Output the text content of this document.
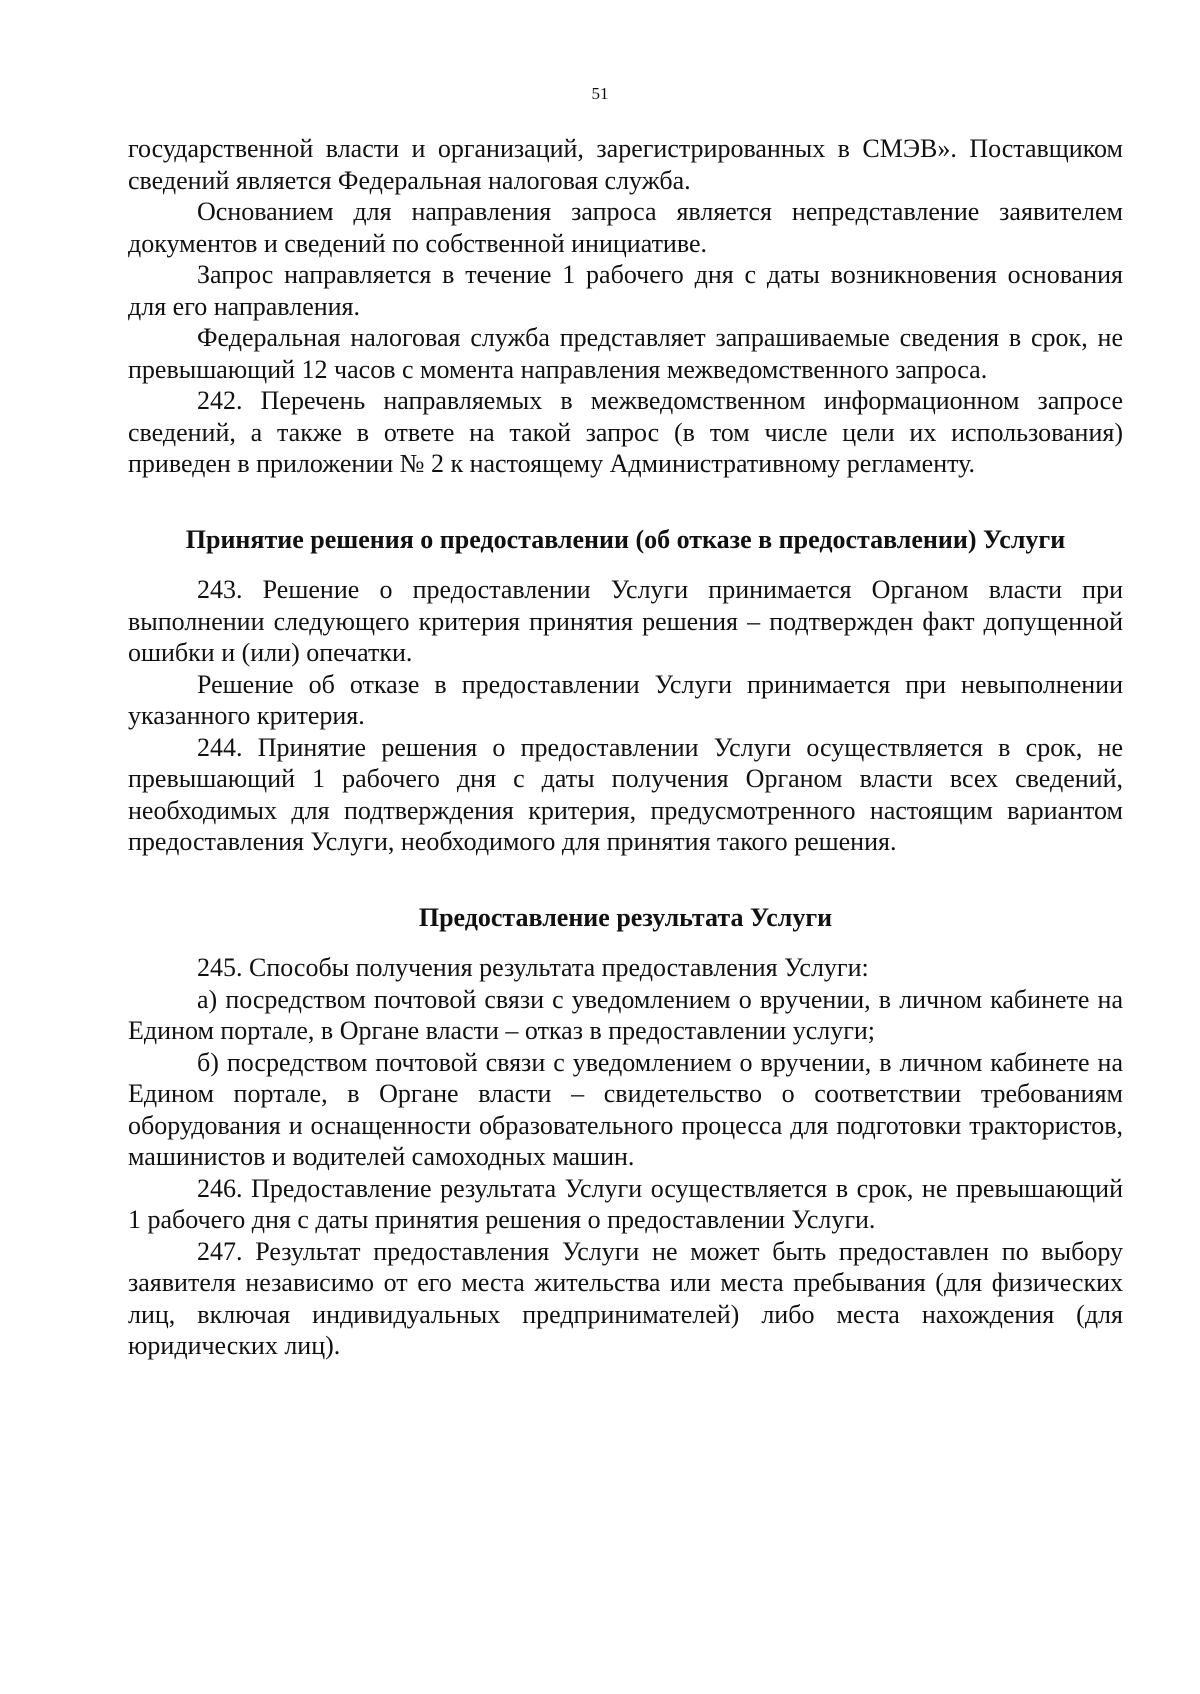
51

государственной власти и организаций, зарегистрированных в СМЭВ». Поставщиком сведений является Федеральная налоговая служба.

Основанием для направления запроса является непредставление заявителем документов и сведений по собственной инициативе.

Запрос направляется в течение 1 рабочего дня с даты возникновения основания для его направления.

Федеральная налоговая служба представляет запрашиваемые сведения в срок, не превышающий 12 часов с момента направления межведомственного запроса.

242. Перечень направляемых в межведомственном информационном запросе сведений, а также в ответе на такой запрос (в том числе цели их использования) приведен в приложении № 2 к настоящему Административному регламенту.

Принятие решения о предоставлении (об отказе в предоставлении) Услуги

243. Решение о предоставлении Услуги принимается Органом власти при выполнении следующего критерия принятия решения – подтвержден факт допущенной ошибки и (или) опечатки.

Решение об отказе в предоставлении Услуги принимается при невыполнении указанного критерия.

244. Принятие решения о предоставлении Услуги осуществляется в срок, не превышающий 1 рабочего дня с даты получения Органом власти всех сведений, необходимых для подтверждения критерия, предусмотренного настоящим вариантом предоставления Услуги, необходимого для принятия такого решения.

Предоставление результата Услуги

245. Способы получения результата предоставления Услуги:

а) посредством почтовой связи с уведомлением о вручении, в личном кабинете на Едином портале, в Органе власти – отказ в предоставлении услуги;

б) посредством почтовой связи с уведомлением о вручении, в личном кабинете на Едином портале, в Органе власти – свидетельство о соответствии требованиям оборудования и оснащенности образовательного процесса для подготовки трактористов, машинистов и водителей самоходных машин.

246. Предоставление результата Услуги осуществляется в срок, не превышающий 1 рабочего дня с даты принятия решения о предоставлении Услуги.

247. Результат предоставления Услуги не может быть предоставлен по выбору заявителя независимо от его места жительства или места пребывания (для физических лиц, включая индивидуальных предпринимателей) либо места нахождения (для юридических лиц).
